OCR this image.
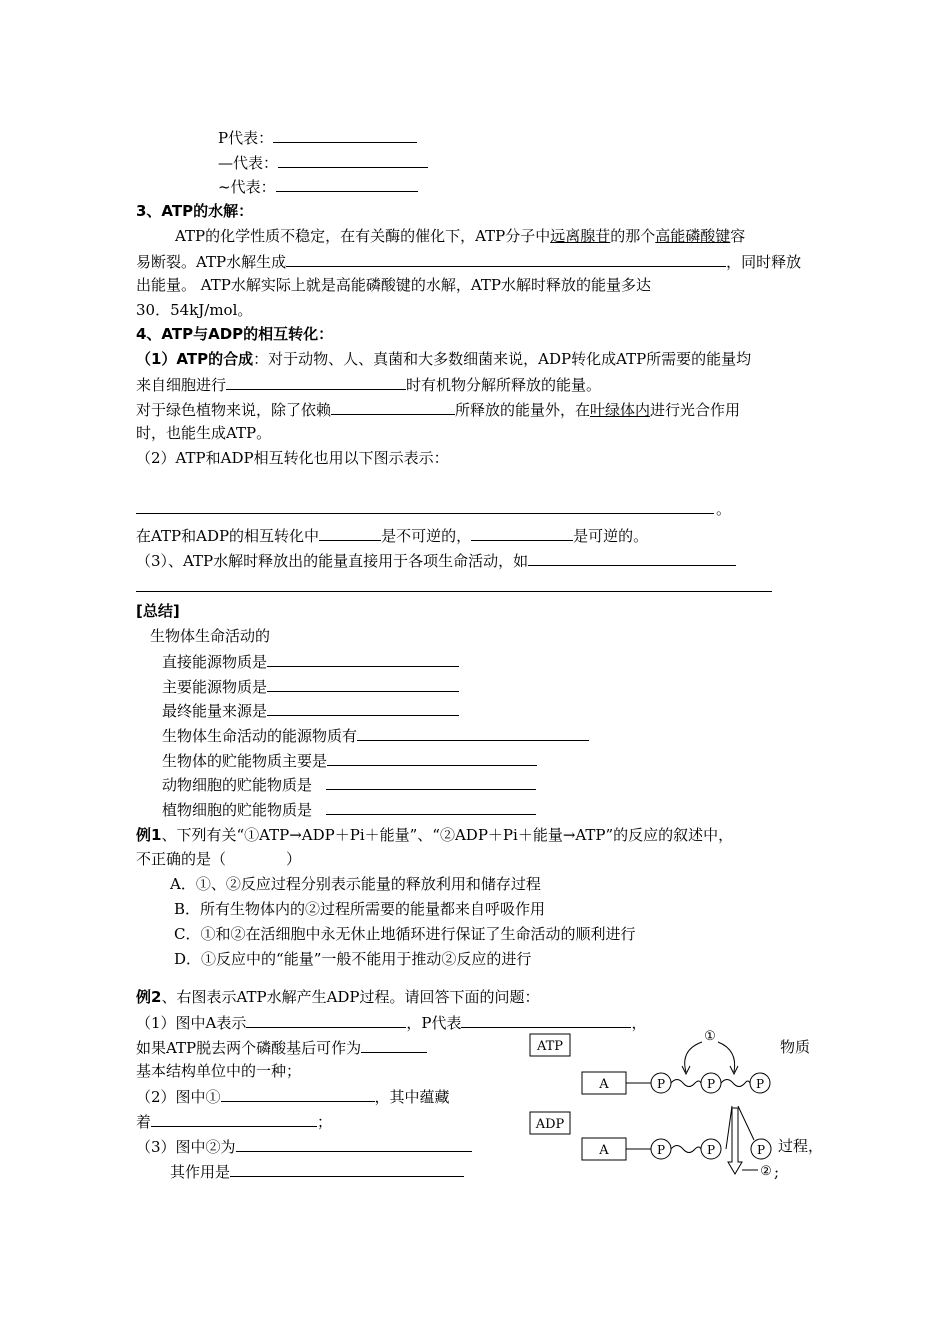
P代表：
—代表：
~代表：
3、ATP的水解：
ATP的化学性质不稳定，在有关酶的催化下，ATP分子中远离腺苷的那个高能磷酸键容
易断裂。ATP水解生成	，同时释放
出能量。 ATP水解实际上就是高能磷酸键的水解，ATP水解时释放的能量多达
30．54kJ/mol。
4、ATP与ADP的相互转化：
（1）ATP的合成：对于动物、人、真菌和大多数细菌来说，ADP转化成ATP所需要的能量均
来自细胞进行	时有机物分解所释放的能量。
对于绿色植物来说，除了依赖	所释放的能量外，在叶绿体内进行光合作用
时，也能生成ATP。
（2）ATP和ADP相互转化也用以下图示表示：
。
在ATP和ADP的相互转化中	是不可逆的，	是可逆的。
（3）、ATP水解时释放出的能量直接用于各项生命活动，如
[总结]
生物体生命活动的
直接能源物质是
主要能源物质是
最终能量来源是
生物体生命活动的能源物质有
生物体的贮能物质主要是
动物细胞的贮能物质是
植物细胞的贮能物质是
例1、下列有关“①ATP→ADP＋Pi＋能量”、“②ADP＋Pi＋能量→ATP”的反应的叙述中，
不正确的是（　　　　）
A．①、②反应过程分别表示能量的释放利用和储存过程
B．所有生物体内的②过程所需要的能量都来自呼吸作用
C．①和②在活细胞中永无休止地循环进行保证了生命活动的顺利进行
D．①反应中的“能量”一般不能用于推动②反应的进行
例2、右图表示ATP水解产生ADP过程。请回答下面的问题：
（1）图中A表示	，P代表	，
如果ATP脱去两个磷酸基后可作为	物质
基本结构单位中的一种；
（2）图中①	，其中蕴藏
着	；
（3）图中②为	过程，
其作用是
ATP
A	P	P	P
①
ADP
A	P	P	P
② ;
